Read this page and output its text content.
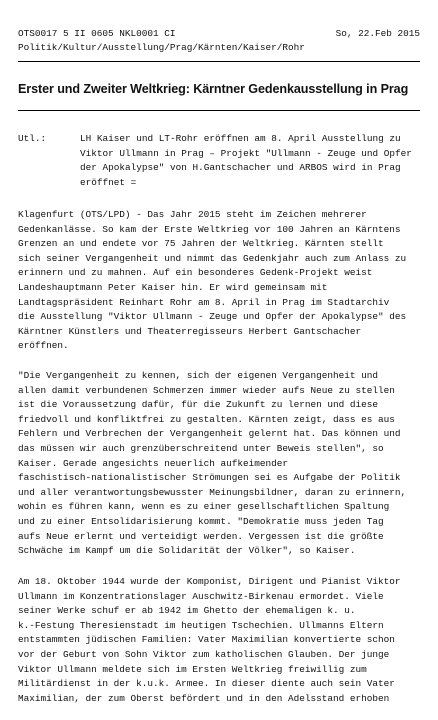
OTS0017 5 II 0605 NKL0001 CI	So, 22.Feb 2015
Politik/Kultur/Ausstellung/Prag/Kärnten/Kaiser/Rohr
Erster und Zweiter Weltkrieg: Kärntner Gedenkausstellung in Prag

Utl.:

	LH Kaiser und LT-Rohr eröffnen am 8. April Ausstellung zu
Viktor Ullmann in Prag – Projekt "Ullmann - Zeuge und Opfer
der Apokalypse" von H.Gantschacher und ARBOS wird in Prag
eröffnet =

Klagenfurt (OTS/LPD) - Das Jahr 2015 steht im Zeichen mehrerer
Gedenkanlässe. So kam der Erste Weltkrieg vor 100 Jahren an Kärntens
Grenzen an und endete vor 75 Jahren der Weltkrieg. Kärnten stellt
sich seiner Vergangenheit und nimmt das Gedenkjahr auch zum Anlass zu
erinnern und zu mahnen. Auf ein besonderes Gedenk-Projekt weist
Landeshauptmann Peter Kaiser hin. Er wird gemeinsam mit
Landtagspräsident Reinhart Rohr am 8. April in Prag im Stadtarchiv
die Ausstellung "Viktor Ullmann - Zeuge und Opfer der Apokalypse" des
Kärntner Künstlers und Theaterregisseurs Herbert Gantschacher
eröffnen.
"Die Vergangenheit zu kennen, sich der eigenen Vergangenheit und
allen damit verbundenen Schmerzen immer wieder aufs Neue zu stellen
ist die Voraussetzung dafür, für die Zukunft zu lernen und diese
friedvoll und konfliktfrei zu gestalten. Kärnten zeigt, dass es aus
Fehlern und Verbrechen der Vergangenheit gelernt hat. Das können und
das müssen wir auch grenzüberschreitend unter Beweis stellen", so
Kaiser. Gerade angesichts neuerlich aufkeimender
faschistisch-nationalistischer Strömungen sei es Aufgabe der Politik
und aller verantwortungsbewusster Meinungsbildner, daran zu erinnern,
wohin es führen kann, wenn es zu einer gesellschaftlichen Spaltung
und zu einer Entsolidarisierung kommt. "Demokratie muss jeden Tag
aufs Neue erlernt und verteidigt werden. Vergessen ist die größte
Schwäche im Kampf um die Solidarität der Völker", so Kaiser.
Am 18. Oktober 1944 wurde der Komponist, Dirigent und Pianist Viktor
Ullmann im Konzentrationslager Auschwitz-Birkenau ermordet. Viele
seiner Werke schuf er ab 1942 im Ghetto der ehemaligen k. u.
k.-Festung Theresienstadt im heutigen Tschechien. Ullmanns Eltern
entstammten jüdischen Familien: Vater Maximilian konvertierte schon
vor der Geburt von Sohn Viktor zum katholischen Glauben. Der junge
Viktor Ullmann meldete sich im Ersten Weltkrieg freiwillig zum
Militärdienst in der k.u.k. Armee. In dieser diente auch sein Vater
Maximilian, der zum Oberst befördert und in den Adelsstand erhoben
